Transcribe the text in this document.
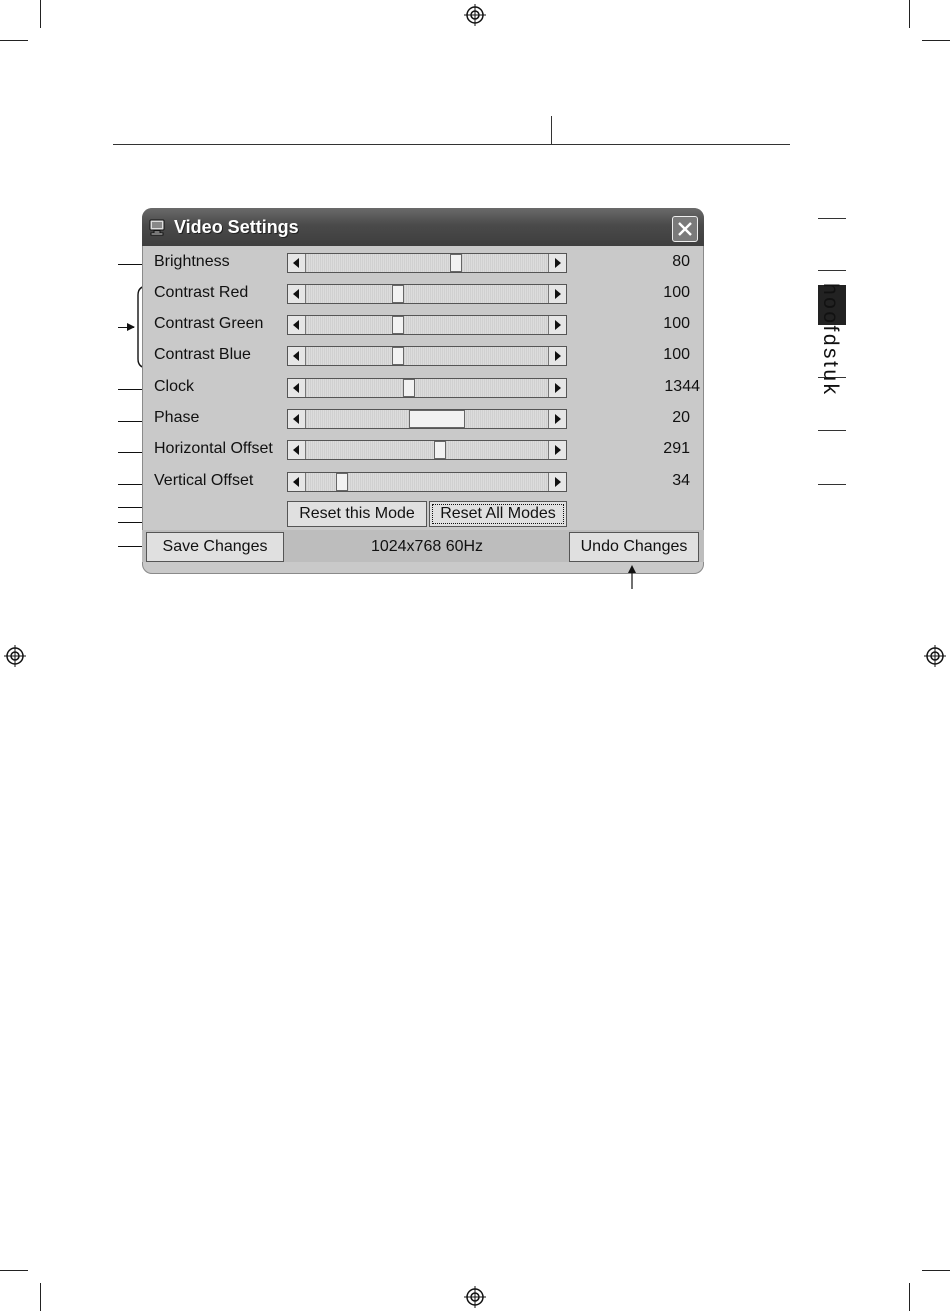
hoofdstuk
Video Settings
Brightness	80
Contrast Red	100
Contrast Green	100
Contrast Blue	100
Clock	1344
Phase	20
Horizontal Offset	291
Vertical Offset	34
Reset this Mode	Reset All Modes
Save Changes	1024x768 60Hz	Undo Changes
